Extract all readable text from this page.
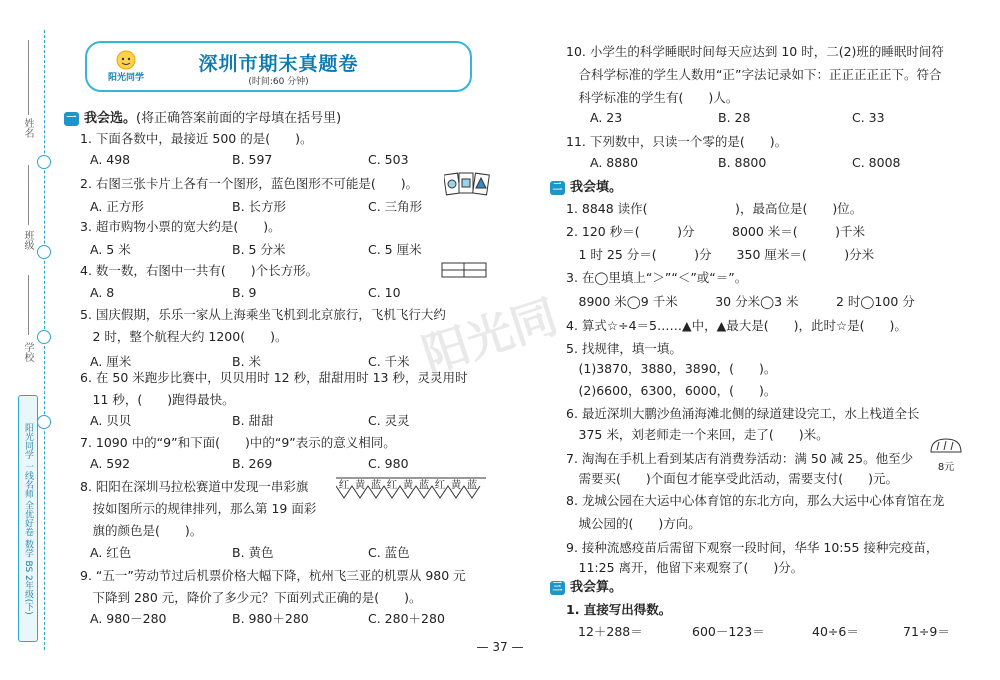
姓名
班级
学校
阳光同学 一线名师 全优好卷 数学 BS 2年级(下)
阳光同
阳光同学
深圳市期末真题卷
(时间:60 分钟)
一 我会选。(将正确答案前面的字母填在括号里)
1. 下面各数中，最接近 500 的是(　　)。
A. 498	B. 597	C. 503
2. 右图三张卡片上各有一个图形，蓝色图形不可能是(　　)。
A. 正方形	B. 长方形	C. 三角形
3. 超市购物小票的宽大约是(　　)。
A. 5 米	B. 5 分米	C. 5 厘米
4. 数一数，右图中一共有(　　)个长方形。
A. 8	B. 9	C. 10
5. 国庆假期，乐乐一家从上海乘坐飞机到北京旅行，飞机飞行大约
　2 时，整个航程大约 1200(　　)。
A. 厘米	B. 米	C. 千米
6. 在 50 米跑步比赛中，贝贝用时 12 秒，甜甜用时 13 秒，灵灵用时
　11 秒，(　　)跑得最快。
A. 贝贝	B. 甜甜	C. 灵灵
7. 1090 中的“9”和下面(　　)中的“9”表示的意义相同。
A. 592	B. 269	C. 980
8. 阳阳在深圳马拉松赛道中发现一串彩旗
　按如图所示的规律排列，那么第 19 面彩
　旗的颜色是(　　)。
A. 红色	B. 黄色	C. 蓝色
9. “五一”劳动节过后机票价格大幅下降，杭州飞三亚的机票从 980 元
　下降到 280 元，降价了多少元？下面列式正确的是(　　)。
A. 980－280	B. 980＋280	C. 280＋280
红 黄 蓝 红 黄 蓝 红 黄 蓝
10. 小学生的科学睡眠时间每天应达到 10 时，二(2)班的睡眠时间符
　合科学标准的学生人数用“正”字法记录如下：正正正正正下。符合
　科学标准的学生有(　　)人。
A. 23	B. 28	C. 33
11. 下列数中，只读一个零的是(　　)。
A. 8880	B. 8800	C. 8008
二 我会填。
1. 8848 读作(　　　　　　　)，最高位是(　　)位。
2. 120 秒＝(　　　)分　　　8000 米＝(　　　)千米
　1 时 25 分＝(　　　)分　　350 厘米＝(　　　)分米
3. 在◯里填上“＞”“＜”或“＝”。
　8900 米◯9 千米　　　30 分米◯3 米　　　2 时◯100 分
4. 算式☆÷4＝5……▲中，▲最大是(　　)，此时☆是(　　)。
5. 找规律，填一填。
　(1)3870，3880，3890，(　　)。
　(2)6600，6300，6000，(　　)。
6. 最近深圳大鹏沙鱼涌海滩北侧的绿道建设完工，水上栈道全长
　375 米，刘老师走一个来回，走了(　　)米。
7. 淘淘在手机上看到某店有消费券活动：满 50 减 25。他至少
　需要买(　　)个面包才能享受此活动，需要支付(　　)元。
8. 龙城公园在大运中心体育馆的东北方向，那么大运中心体育馆在龙
　城公园的(　　)方向。
9. 接种流感疫苗后需留下观察一段时间，华华 10:55 接种完疫苗，
　11:25 离开，他留下来观察了(　　)分。
8元
三 我会算。
1. 直接写出得数。
12＋288＝	600－123＝	40÷6＝	71÷9＝
— 37 —
